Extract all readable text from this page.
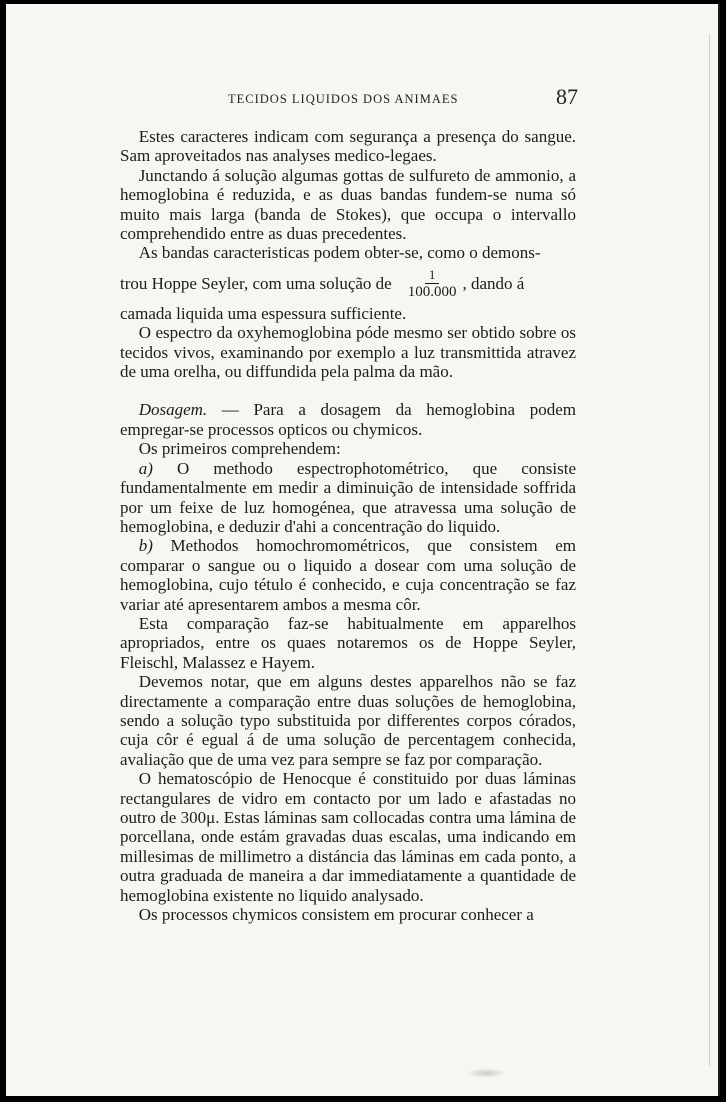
TECIDOS LIQUIDOS DOS ANIMAES	87

Estes caracteres indicam com segurança a presença do sangue. Sam aproveitados nas analyses medico-legaes.

Junctando á solução algumas gottas de sulfureto de ammonio, a hemoglobina é reduzida, e as duas bandas fundem-se numa só muito mais larga (banda de Stokes), que occupa o intervallo comprehendido entre as duas precedentes.

As bandas caracteristicas podem obter-se, como o demons-

trou Hoppe Seyler, com uma solução de $\frac{1}{100.000}$ , dando á

camada liquida uma espessura sufficiente.

O espectro da oxyhemoglobina póde mesmo ser obtido sobre os tecidos vivos, examinando por exemplo a luz transmittida atravez de uma orelha, ou diffundida pela palma da mão.

Dosagem. — Para a dosagem da hemoglobina podem empregar-se processos opticos ou chymicos.

Os primeiros comprehendem:

a) O methodo espectrophotométrico, que consiste fundamentalmente em medir a diminuição de intensidade soffrida por um feixe de luz homogénea, que atravessa uma solução de hemoglobina, e deduzir d'ahi a concentração do liquido.

b) Methodos homochromométricos, que consistem em comparar o sangue ou o liquido a dosear com uma solução de hemoglobina, cujo tétulo é conhecido, e cuja concentração se faz variar até apresentarem ambos a mesma côr.

Esta comparação faz-se habitualmente em apparelhos apropriados, entre os quaes notaremos os de Hoppe Seyler, Fleischl, Malassez e Hayem.

Devemos notar, que em alguns destes apparelhos não se faz directamente a comparação entre duas soluções de hemoglobina, sendo a solução typo substituida por differentes corpos córados, cuja côr é egual á de uma solução de percentagem conhecida, avaliação que de uma vez para sempre se faz por comparação.

O hematoscópio de Henocque é constituido por duas láminas rectangulares de vidro em contacto por um lado e afastadas no outro de 300μ. Estas láminas sam collocadas contra uma lámina de porcellana, onde estám gravadas duas escalas, uma indicando em millesimas de millimetro a distáncia das láminas em cada ponto, a outra graduada de maneira a dar immediatamente a quantidade de hemoglobina existente no liquido analysado.

Os processos chymicos consistem em procurar conhecer a
